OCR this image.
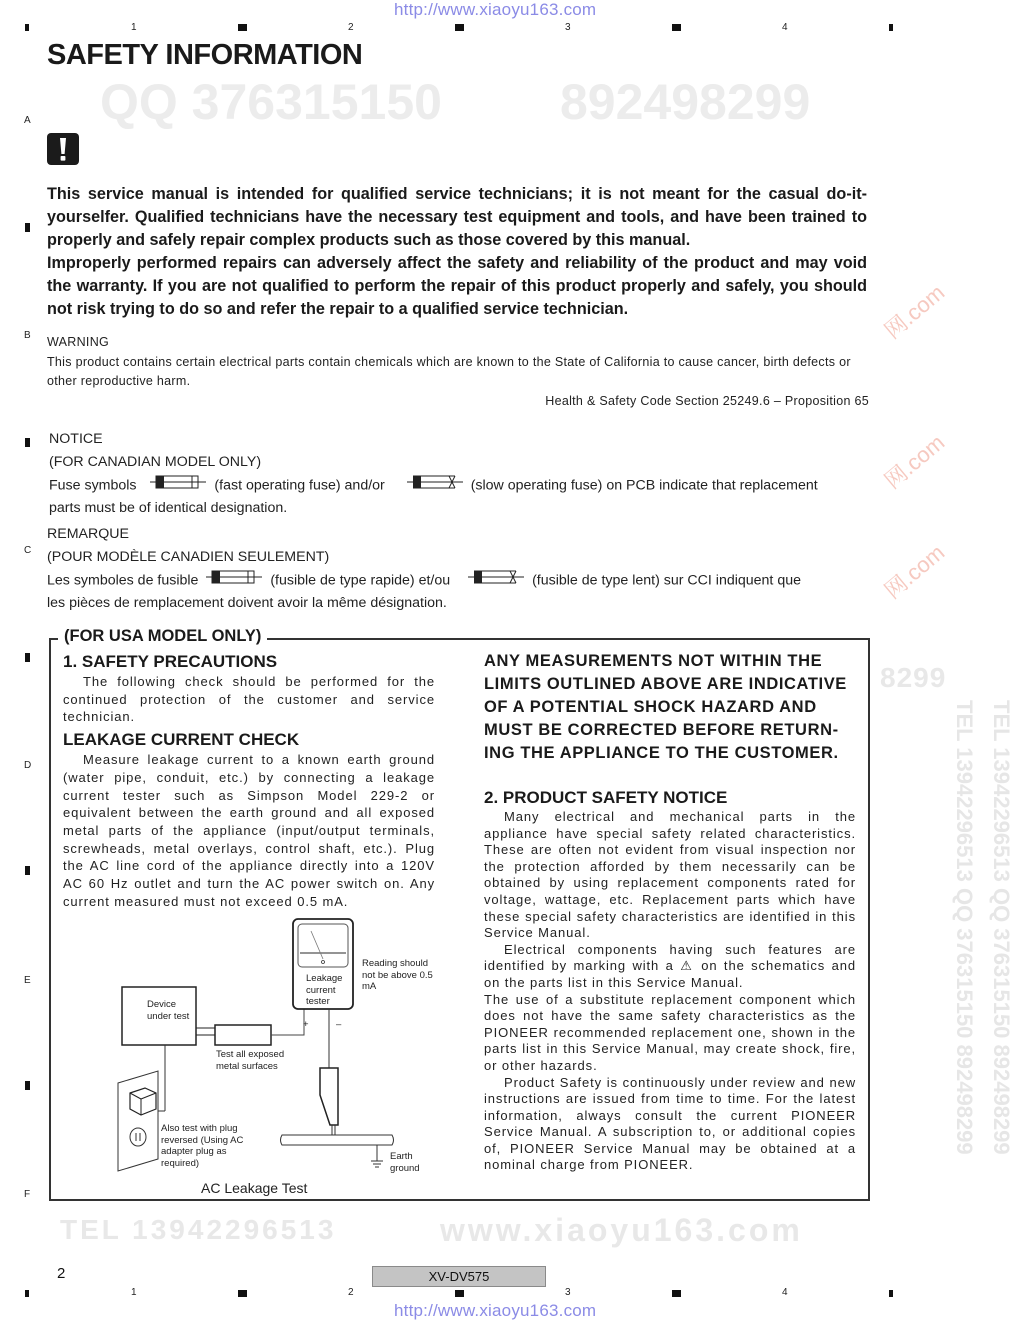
http://www.xiaoyu163.com
http://www.xiaoyu163.com
QQ 376315150 892498299
TEL 13942296513
8299
TEL 13942296513 QQ 376315150 892498299 TEL 13942296513 QQ 376315150 892498299
网.com
网.com
网.com
www.xiaoyu163.com
1	2	3	4
1	2	3	4
A
B
C
D
E
F
SAFETY INFORMATION

This service manual is intended for qualified service technicians; it is not meant for the casual do-it-yourselfer. Qualified technicians have the necessary test equipment and tools, and have been trained to properly and safely repair complex products such as those covered by this manual.

Improperly performed repairs can adversely affect the safety and reliability of the product and may void the warranty. If you are not qualified to perform the repair of this product properly and safely, you should not risk trying to do so and refer the repair to a qualified service technician.

WARNING
This product contains certain electrical parts contain chemicals which are known to the State of California to cause cancer, birth defects or other reproductive harm.
Health & Safety Code Section 25249.6 – Proposition 65
NOTICE
(FOR CANADIAN MODEL ONLY)
Fuse symbols	(fast operating fuse) and/or	(slow operating fuse) on PCB indicate that replacement
parts must be of identical designation.
REMARQUE
(POUR MODÈLE CANADIEN SEULEMENT)
Les symboles de fusible	(fusible de type rapide) et/ou	(fusible de type lent) sur CCI indiquent que
les pièces de remplacement doivent avoir la même désignation.
(FOR USA MODEL ONLY)
1. SAFETY PRECAUTIONS
The following check should be performed for the continued protection of the customer and service technician.
LEAKAGE CURRENT CHECK
Measure leakage current to a known earth ground (water pipe, conduit, etc.) by connecting a leakage current tester such as Simpson Model 229-2 or equivalent between the earth ground and all exposed metal parts of the appliance (input/output terminals, screwheads, metal overlays, control shaft, etc.). Plug the AC line cord of the appliance directly into a 120V AC 60 Hz outlet and turn the AC power switch on. Any current measured must not exceed 0.5 mA.
ANY MEASUREMENTS NOT WITHIN THE LIMITS OUTLINED ABOVE ARE INDICATIVE OF A POTENTIAL SHOCK HAZARD AND MUST BE CORRECTED BEFORE RETURN-ING THE APPLIANCE TO THE CUSTOMER.
2. PRODUCT SAFETY NOTICE
Many electrical and mechanical parts in the appliance have special safety related characteristics. These are often not evident from visual inspection nor the protection afforded by them necessarily can be obtained by using replacement components rated for voltage, wattage, etc. Replacement parts which have these special safety characteristics are identified in this Service Manual.
Electrical components having such features are identified by marking with a ⚠ on the schematics and on the parts list in this Service Manual.
The use of a substitute replacement component which does not have the same safety characteristics as the PIONEER recommended replacement one, shown in the parts list in this Service Manual, may create shock, fire, or other hazards.
Product Safety is continuously under review and new instructions are issued from time to time. For the latest information, always consult the current PIONEER Service Manual. A subscription to, or additional copies of, PIONEER Service Manual may be obtained at a nominal charge from PIONEER.
Device under test
Leakage current tester
Reading should not be above 0.5 mA
+	–
Test all exposed metal surfaces
Also test with plug reversed (Using AC adapter plug as required)
Earth ground
AC Leakage Test
2	XV-DV575
